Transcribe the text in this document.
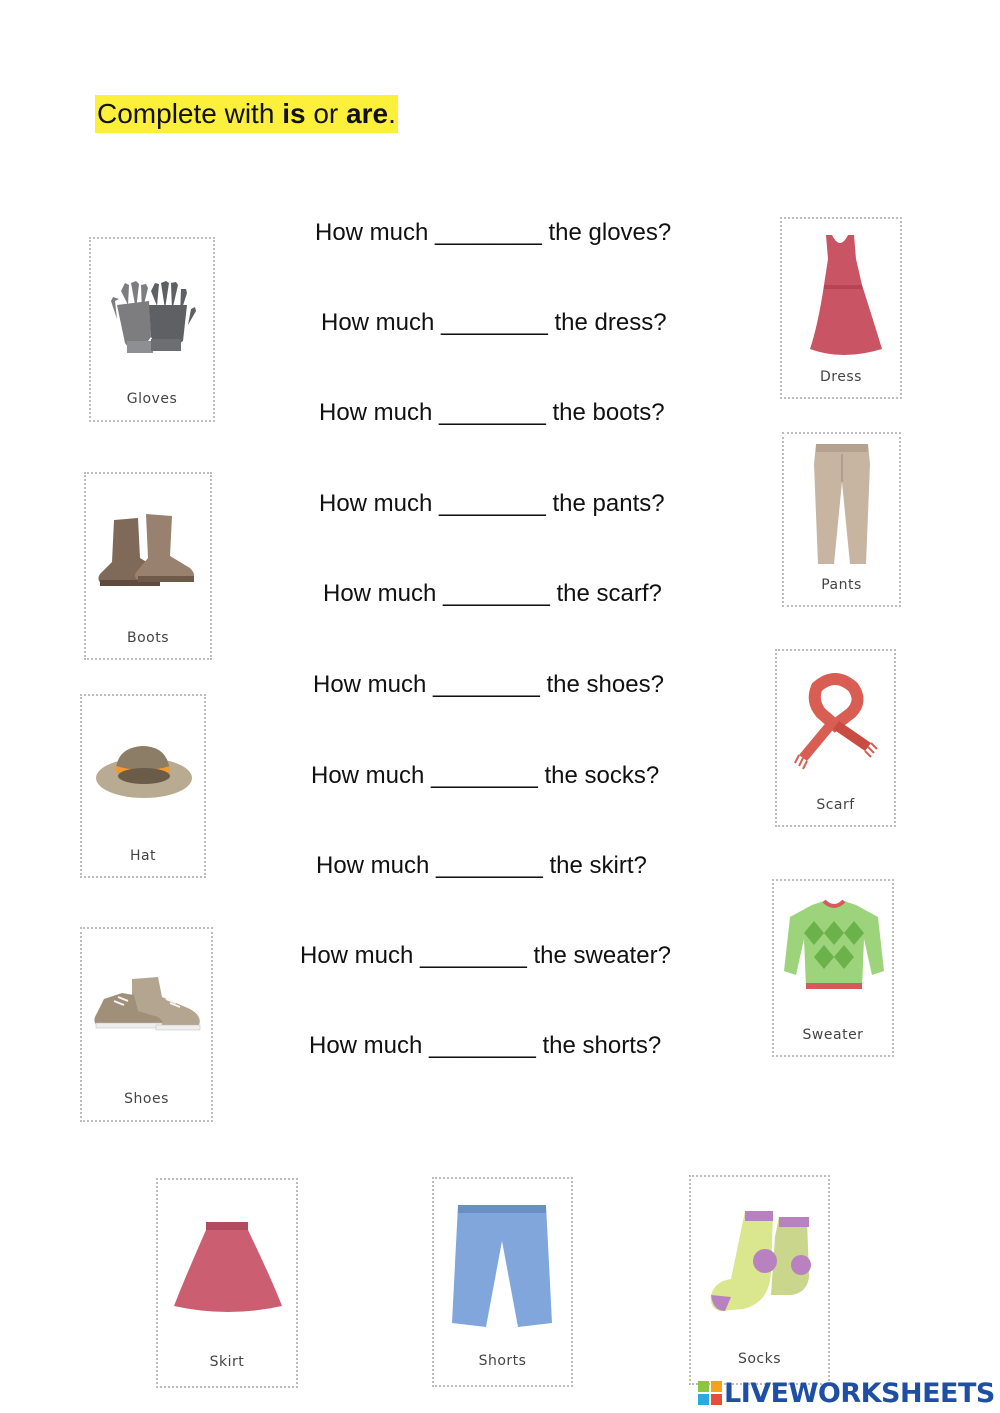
Complete with is or are.
How much ________ the gloves?
How much ________ the dress?
How much ________ the boots?
How much ________ the pants?
How much ________ the scarf?
How much ________ the shoes?
How much ________ the socks?
How much ________ the skirt?
How much ________ the sweater?
How much ________ the shorts?
Gloves
Boots
Hat
Shoes
Dress
Pants
Scarf
Sweater
Skirt	Shorts	Socks
LIVEWORKSHEETS
